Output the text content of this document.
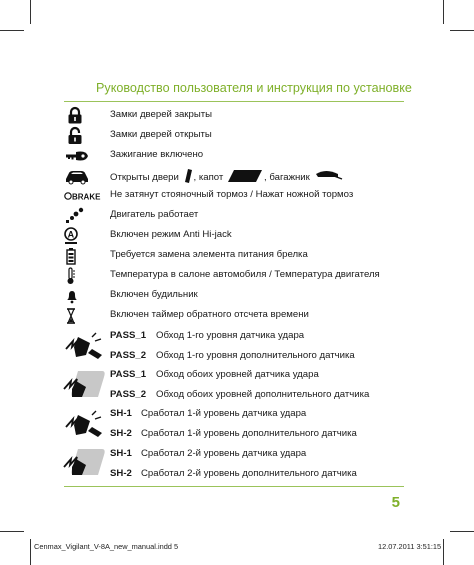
Руководство пользователя и инструкция по установке
Замки дверей закрыты
Замки дверей открыты
Зажигание включено
Открыты двери , капот	, багажник
BRAKE Не затянут стояночный тормоз / Нажат ножной тормоз
Двигатель работает
A	Включен режим Anti Hi-jack
Требуется замена элемента питания брелка
Температура в салоне автомобиля / Температура двигателя
Включен будильник
Включен таймер обратного отсчета времени
PASS_1 Обход 1-го уровня датчика удара
PASS_2 Обход 1-го уровня дополнительного датчика
PASS_1 Обход обоих уровней датчика удара
PASS_2 Обход обоих уровней дополнительного датчика
SH-1 Сработал 1-й уровень датчика удара
SH-2 Сработал 1-й уровень дополнительного датчика
SH-1 Сработал 2-й уровень датчика удара
SH-2 Сработал 2-й уровень дополнительного датчика
5
Cenmax_Vigilant_V-8A_new_manual.indd 5	12.07.2011 3:51:15
